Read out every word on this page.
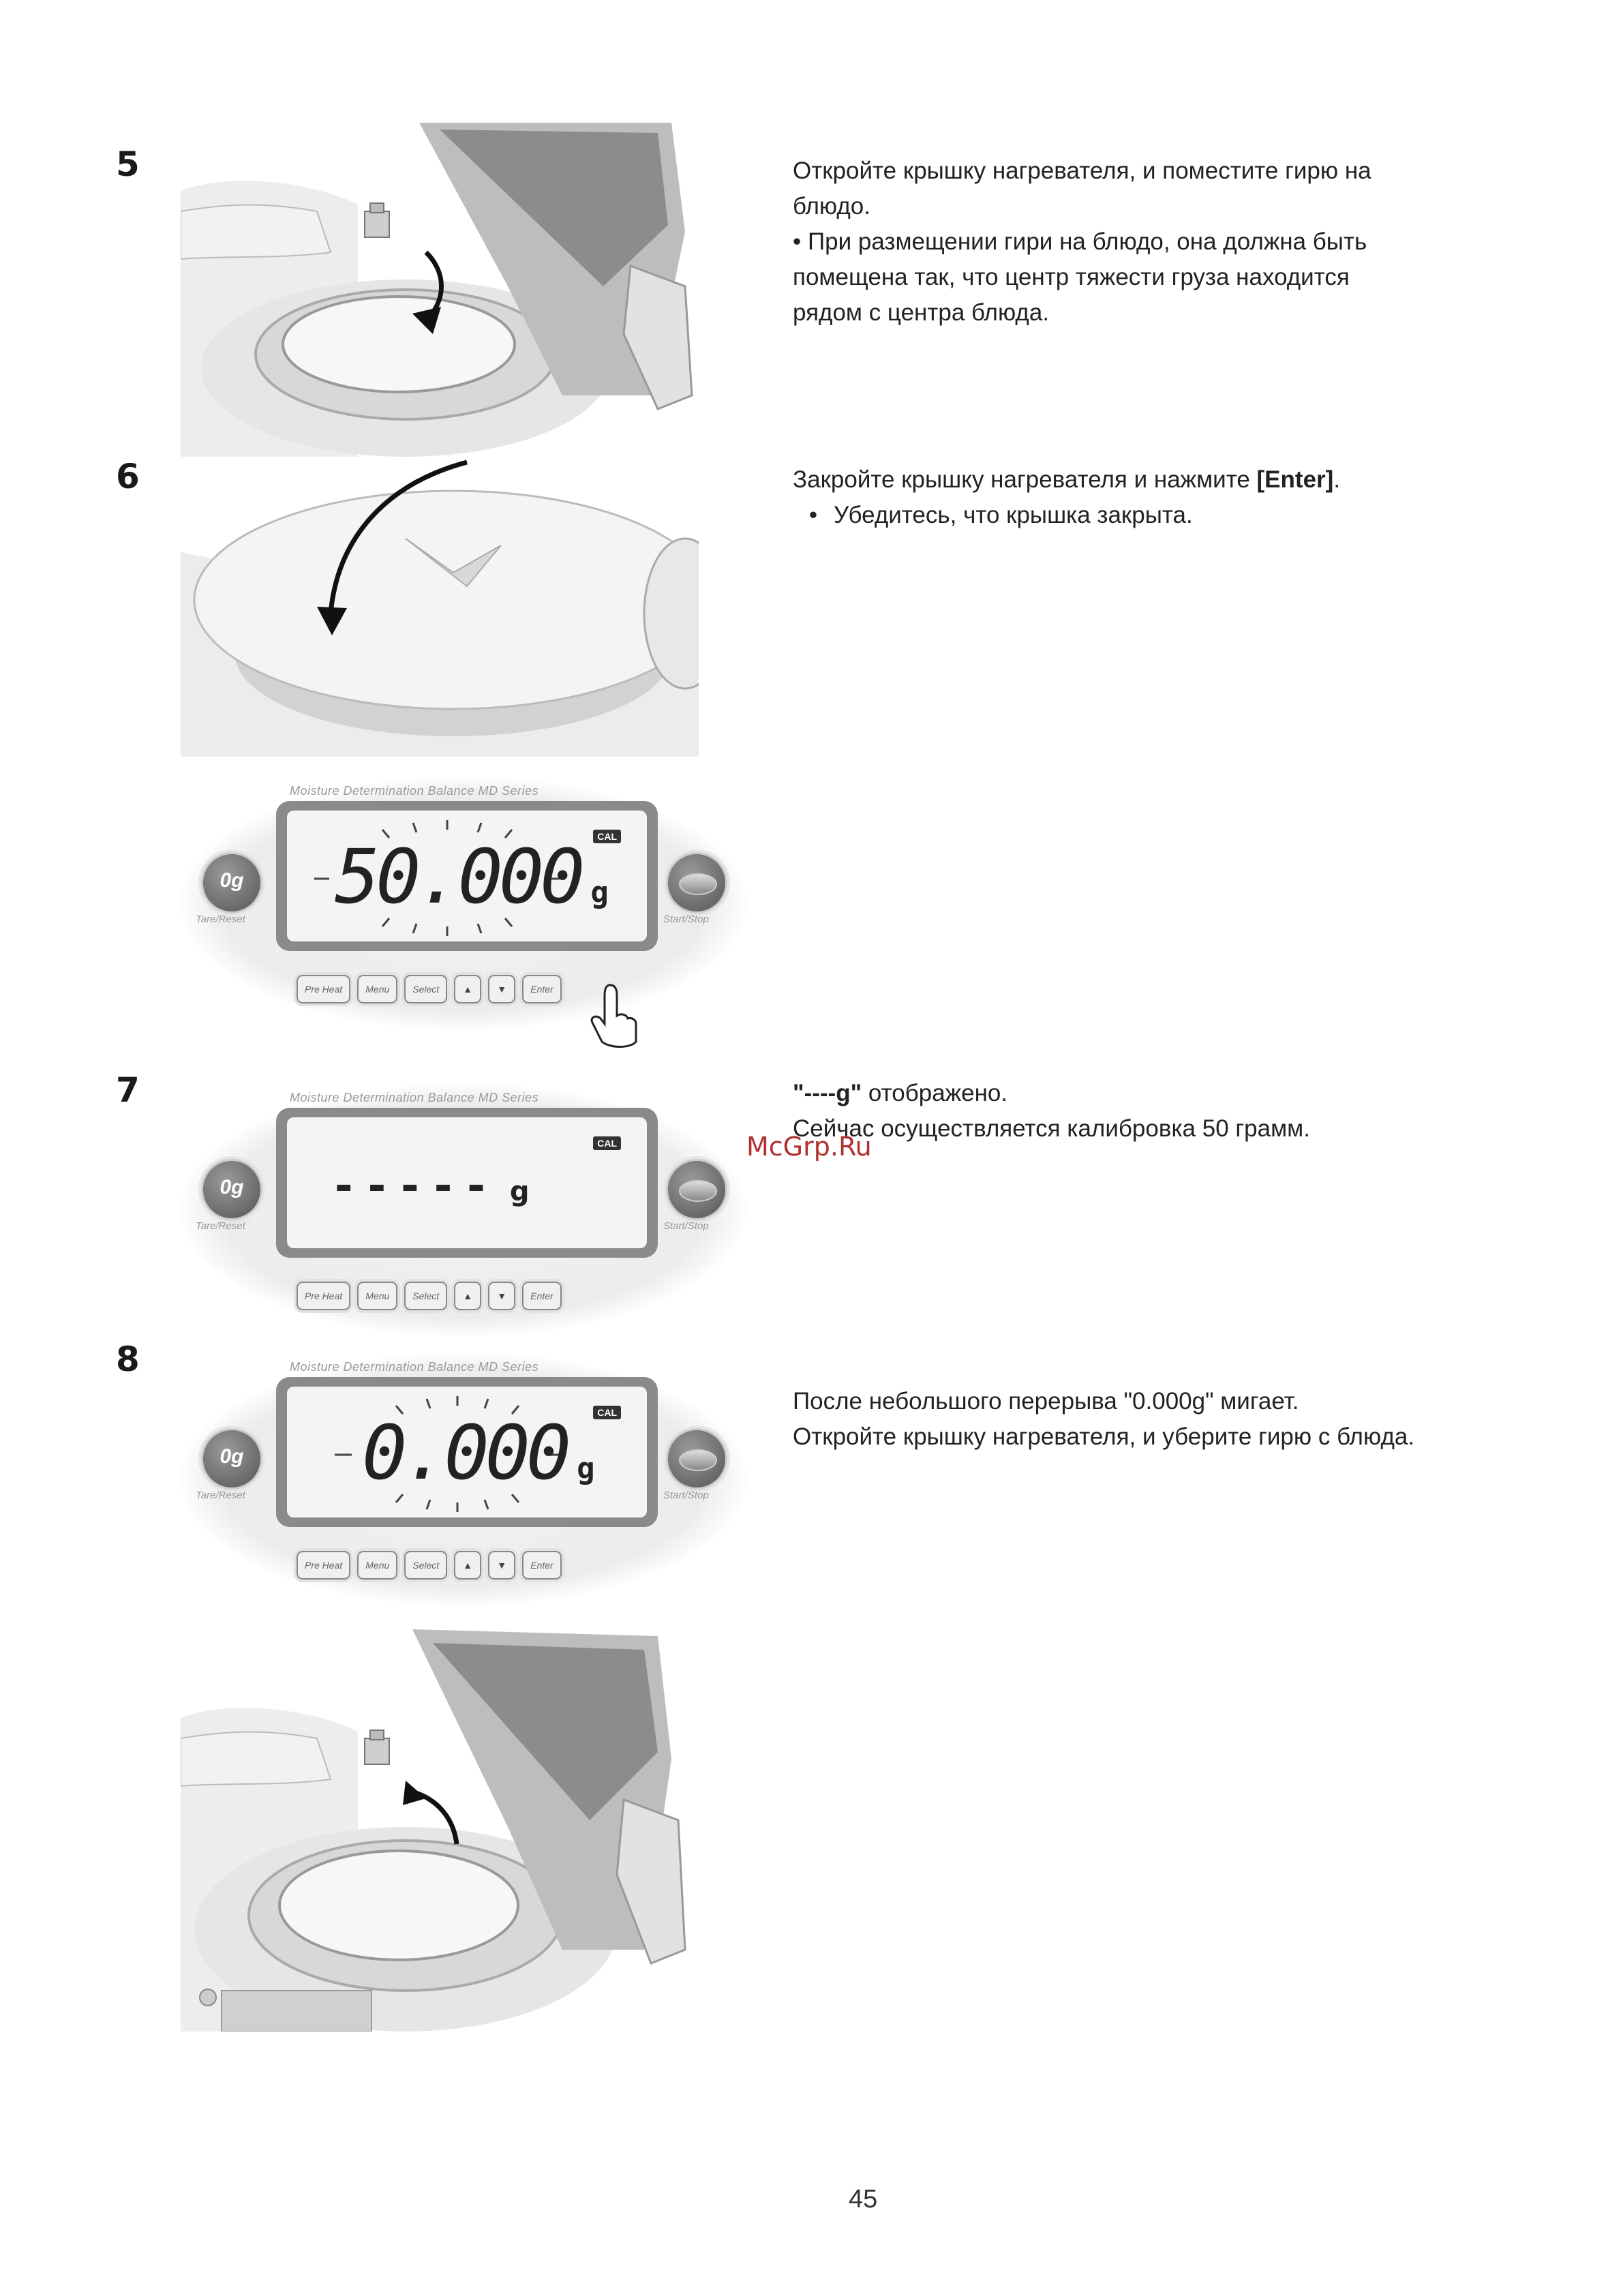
5
6
7
8

Откройте крышку нагревателя, и поместите гирю на

блюдо.

• При размещении гири на блюдо, она должна быть

помещена так, что центр тяжести груза находится

рядом с центра блюда.

Закройте крышку нагревателя и нажмите [Enter].

• Убедитесь, что крышка закрыта.

"----g" отображено.

Сейчас осуществляется калибровка 50 грамм.

После небольшого перерыва "0.000g" мигает.

Откройте крышку нагревателя, и уберите гирю с блюда.

McGrp.Ru
45
Moisture Determination Balance MD Series
50.000 g
CAL
0g
Tare/Reset	Start/Stop
Pre Heat	Menu	Select	▲	▼	Enter
Moisture Determination Balance MD Series
----- g
CAL
0g
Tare/Reset	Start/Stop
Pre Heat	Menu	Select	▲	▼	Enter
Moisture Determination Balance MD Series
0.000 g
CAL
0g
Tare/Reset	Start/Stop
Pre Heat	Menu	Select	▲	▼	Enter
